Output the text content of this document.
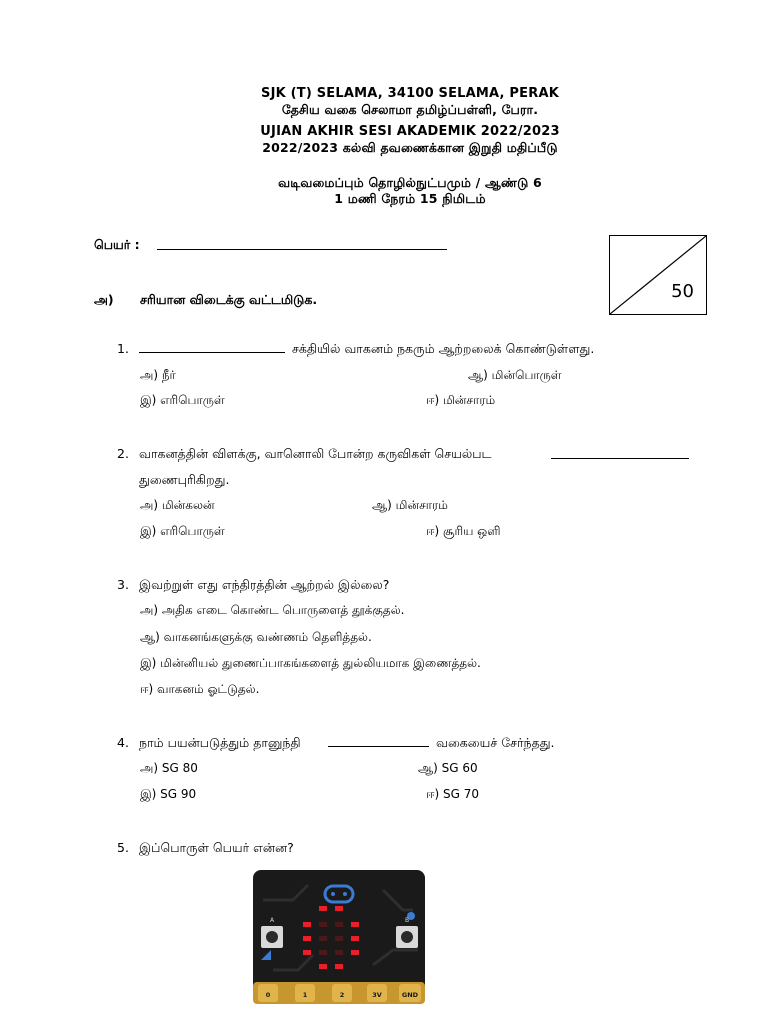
SJK (T) SELAMA, 34100 SELAMA, PERAK
தேசிய வகை செலாமா தமிழ்ப்பள்ளி, பேரா.
UJIAN AKHIR SESI AKADEMIK 2022/2023
2022/2023 கல்வி தவணைக்கான இறுதி மதிப்பீடு
வடிவமைப்பும் தொழில்நுட்பமும் / ஆண்டு 6
1 மணி நேரம் 15 நிமிடம்
பெயர் :
50
அ) சரியான விடைக்கு வட்டமிடுக.
1.	சக்தியில் வாகனம் நகரும் ஆற்றலைக் கொண்டுள்ளது.
அ) நீர்	ஆ) மின்பொருள்
இ) எரிபொருள்	ஈ) மின்சாரம்
2. வாகனத்தின் விளக்கு, வானொலி போன்ற கருவிகள் செயல்பட
துணைபுரிகிறது.
அ) மின்கலன்	ஆ) மின்சாரம்
இ) எரிபொருள்	ஈ) சூரிய ஒளி
3. இவற்றுள் எது எந்திரத்தின் ஆற்றல் இல்லை?
அ) அதிக எடை கொண்ட பொருளைத் தூக்குதல்.
ஆ) வாகனங்களுக்கு வண்ணம் தெளித்தல்.
இ) மின்னியல் துணைப்பாகங்களைத் துல்லியமாக இணைத்தல்.
ஈ) வாகனம் ஓட்டுதல்.
4. நாம் பயன்படுத்தும் தானுந்தி	வகையைச் சேர்ந்தது.
அ) SG 80	ஆ) SG 60
இ) SG 90	ஈ) SG 70
5. இப்பொருள் பெயர் என்ன?
0	1	2	3V	GND
A	B
